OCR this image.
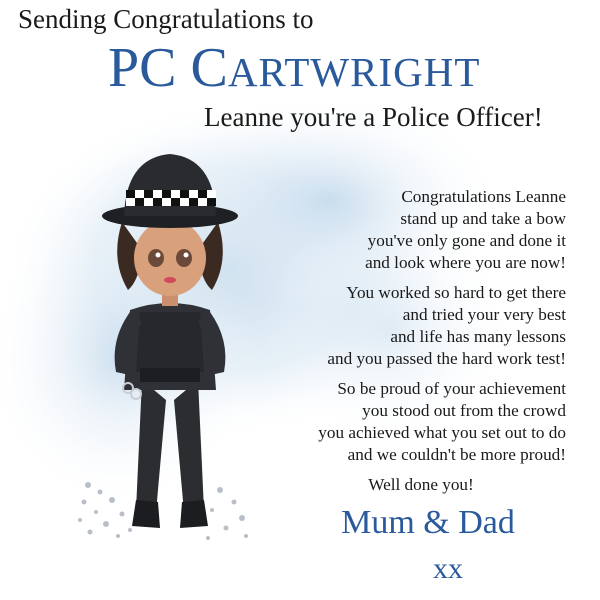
Sending Congratulations to
PC CARTWRIGHT
Leanne you're a Police Officer!
Congratulations Leanne
stand up and take a bow
you've only gone and done it
and look where you are now!
You worked so hard to get there
and tried your very best
and life has many lessons
and you passed the hard work test!
So be proud of your achievement
you stood out from the crowd
you achieved what you set out to do
and we couldn't be more proud!
Well done you!
Mum & Dad
xx
